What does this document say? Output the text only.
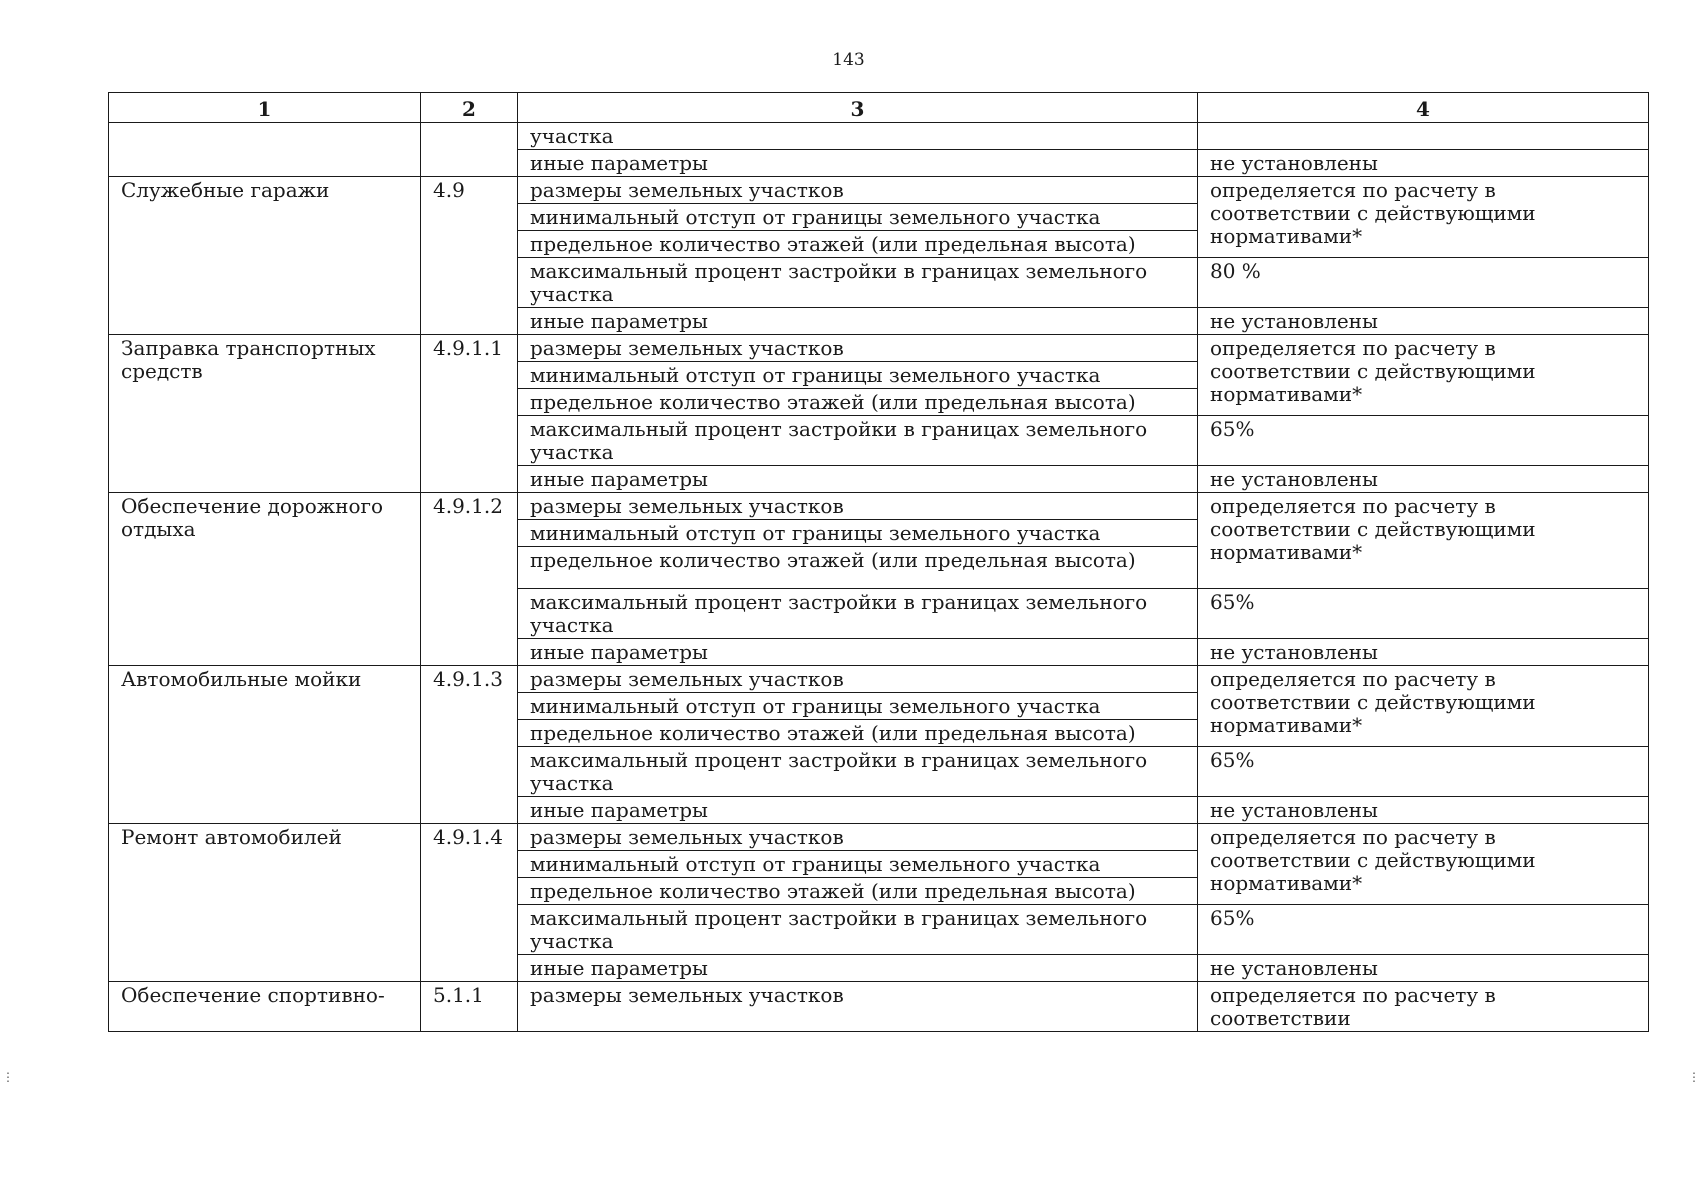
143
1	2	3	4
		участка	
		иные параметры	не установлены
Служебные гаражи	4.9	размеры земельных участков	определяется по расчету в соответствии с действующими нормативами*
		минимальный отступ от границы земельного участка	
		предельное количество этажей (или предельная высота)	
		максимальный процент застройки в границах земельного участка	80 %
		иные параметры	не установлены
Заправка транспортных средств	4.9.1.1	размеры земельных участков	определяется по расчету в соответствии с действующими нормативами*
		минимальный отступ от границы земельного участка	
		предельное количество этажей (или предельная высота)	
		максимальный процент застройки в границах земельного участка	65%
		иные параметры	не установлены
Обеспечение дорожного отдыха	4.9.1.2	размеры земельных участков	определяется по расчету в соответствии с действующими нормативами*
		минимальный отступ от границы земельного участка	
		предельное количество этажей (или предельная высота)	
		максимальный процент застройки в границах земельного участка	65%
		иные параметры	не установлены
Автомобильные мойки	4.9.1.3	размеры земельных участков	определяется по расчету в соответствии с действующими нормативами*
		минимальный отступ от границы земельного участка	
		предельное количество этажей (или предельная высота)	
		максимальный процент застройки в границах земельного участка	65%
		иные параметры	не установлены
Ремонт автомобилей	4.9.1.4	размеры земельных участков	определяется по расчету в соответствии с действующими нормативами*
		минимальный отступ от границы земельного участка	
		предельное количество этажей (или предельная высота)	
		максимальный процент застройки в границах земельного участка	65%
		иные параметры	не установлены
Обеспечение спортивно-	5.1.1	размеры земельных участков	определяется по расчету в соответствии
⋮	⋮
